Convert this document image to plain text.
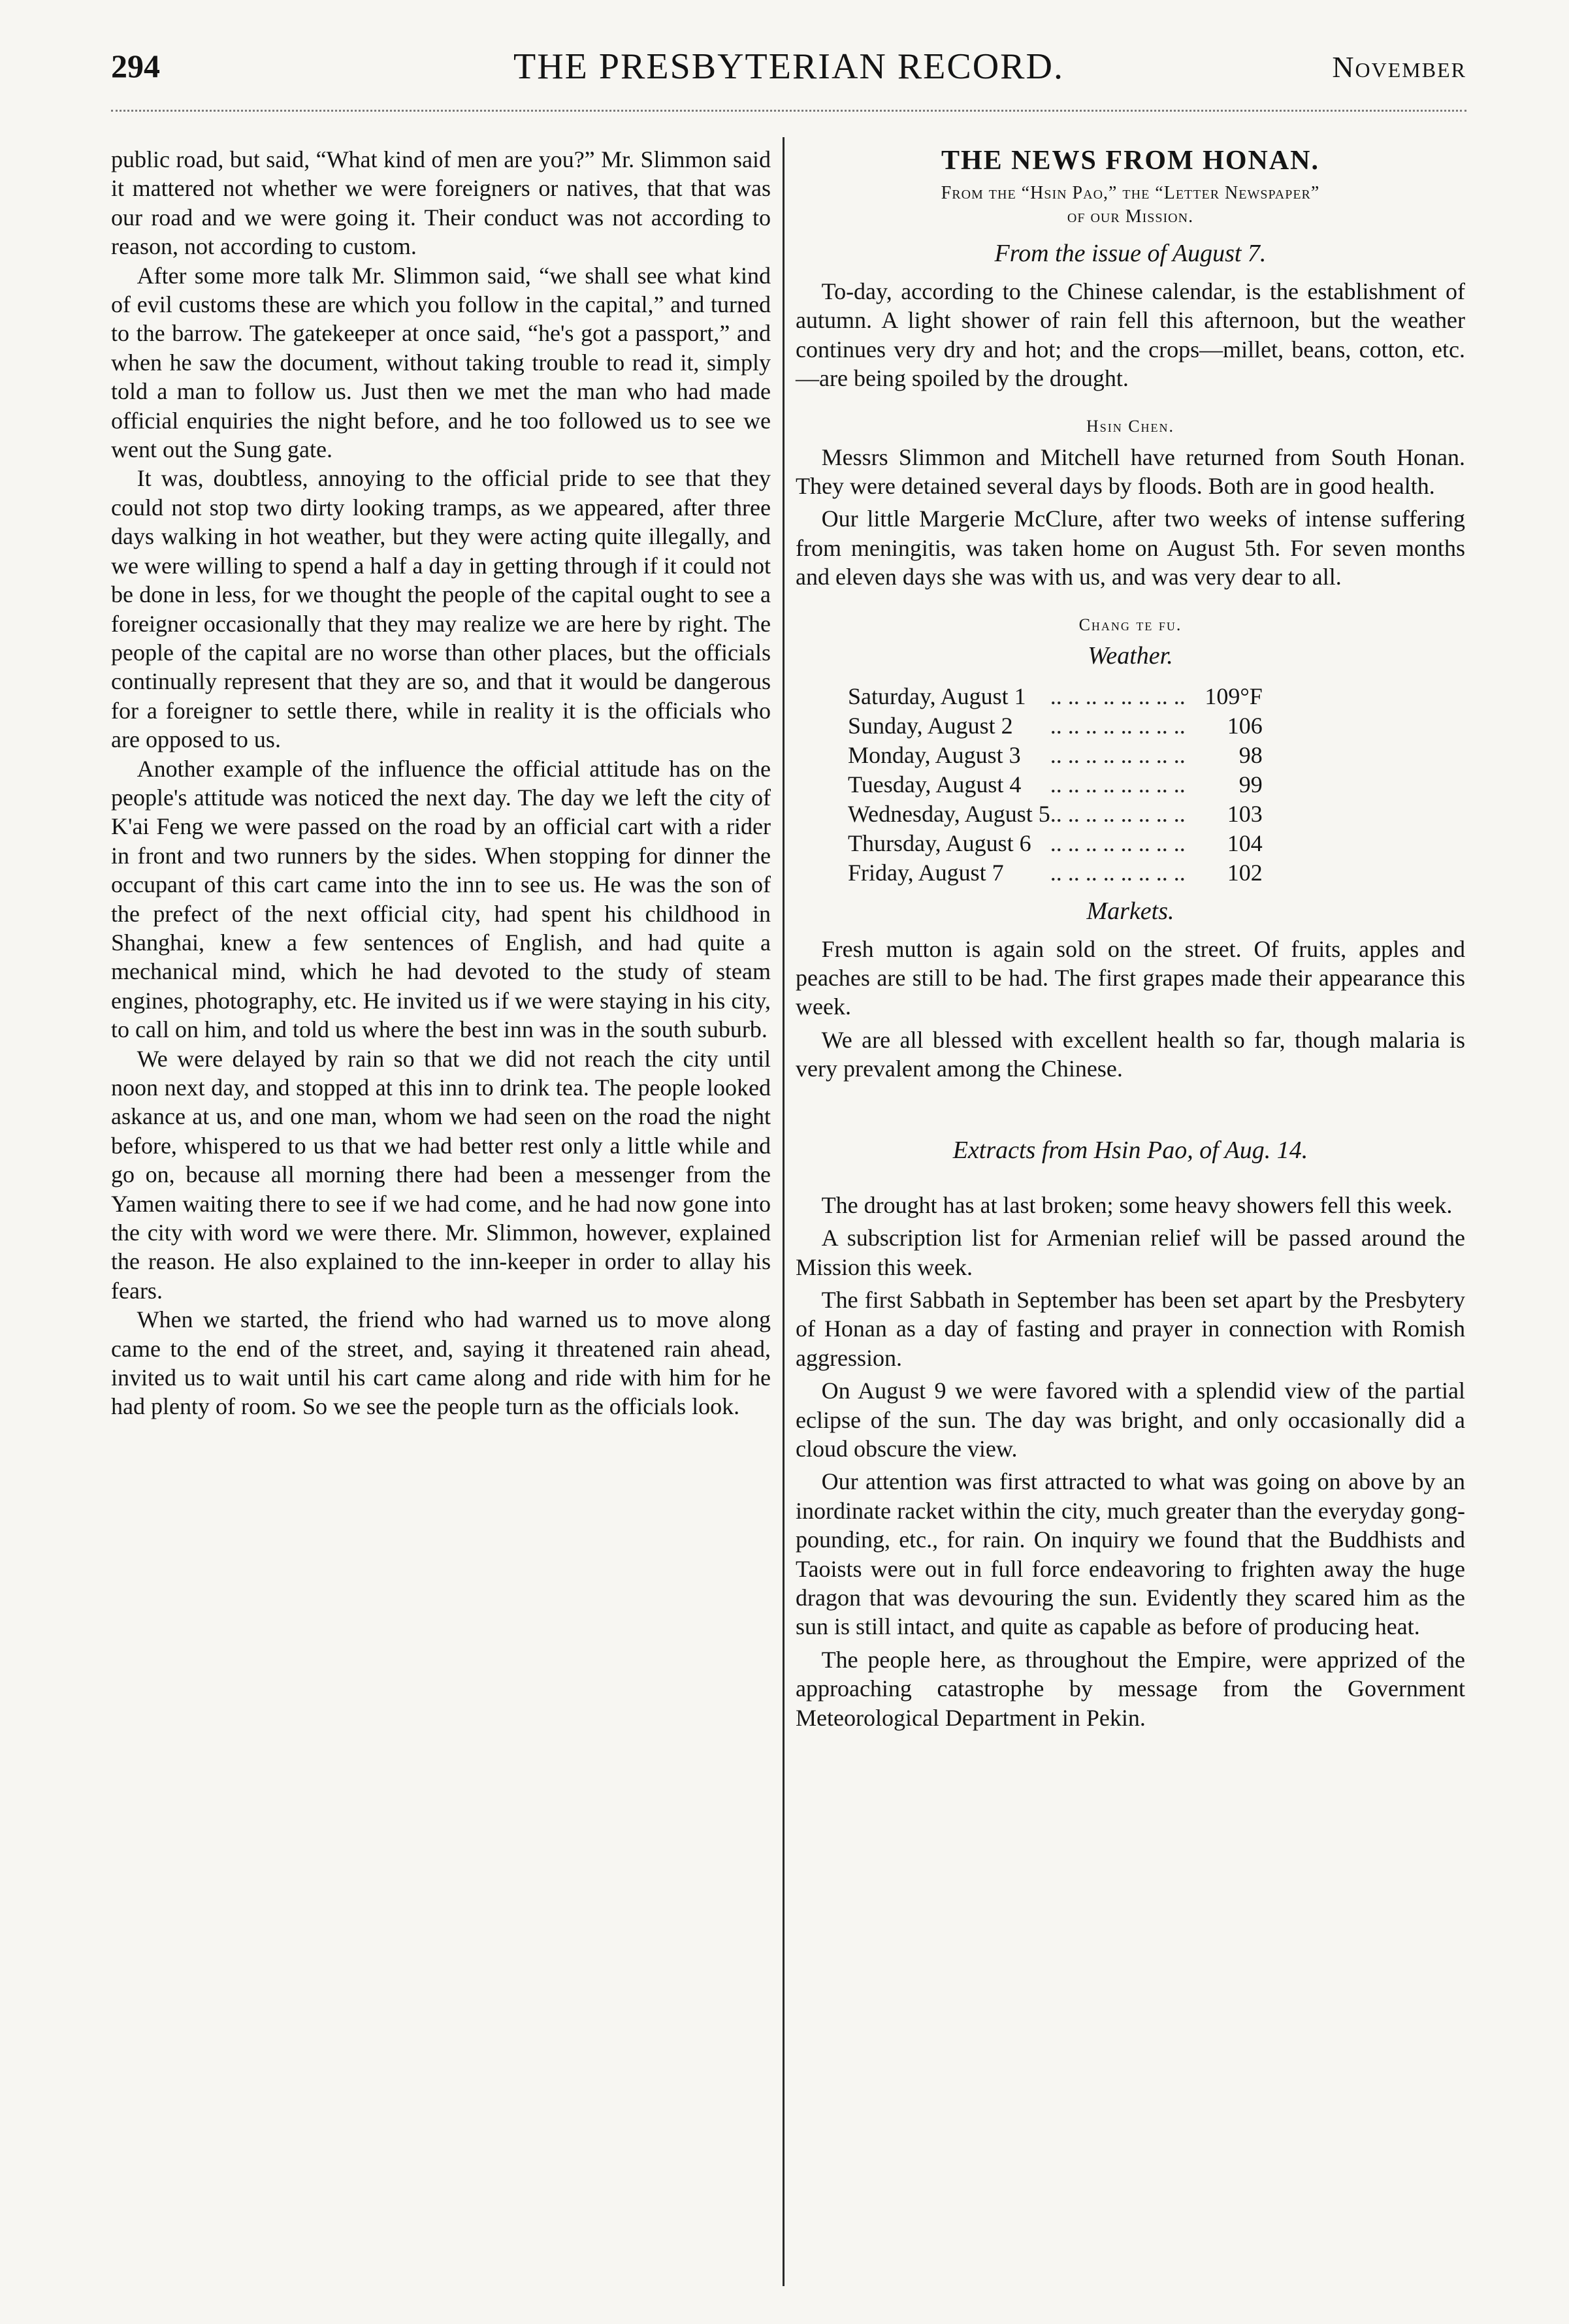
294	THE PRESBYTERIAN RECORD.	November

public road, but said, “What kind of men are you?” Mr. Slimmon said it mattered not whether we were foreigners or natives, that that was our road and we were going it. Their conduct was not according to reason, not according to custom.

After some more talk Mr. Slimmon said, “we shall see what kind of evil customs these are which you follow in the capital,” and turned to the barrow. The gatekeeper at once said, “he's got a passport,” and when he saw the document, without taking trouble to read it, simply told a man to follow us. Just then we met the man who had made official enquiries the night before, and he too followed us to see we went out the Sung gate.

It was, doubtless, annoying to the official pride to see that they could not stop two dirty looking tramps, as we appeared, after three days walking in hot weather, but they were acting quite illegally, and we were willing to spend a half a day in getting through if it could not be done in less, for we thought the people of the capital ought to see a foreigner occasionally that they may realize we are here by right. The people of the capital are no worse than other places, but the officials continually represent that they are so, and that it would be dangerous for a foreigner to settle there, while in reality it is the officials who are opposed to us.

Another example of the influence the official attitude has on the people's attitude was noticed the next day. The day we left the city of K'ai Feng we were passed on the road by an official cart with a rider in front and two runners by the sides. When stopping for dinner the occupant of this cart came into the inn to see us. He was the son of the prefect of the next official city, had spent his childhood in Shanghai, knew a few sentences of English, and had quite a mechanical mind, which he had devoted to the study of steam engines, photography, etc. He invited us if we were staying in his city, to call on him, and told us where the best inn was in the south suburb.

We were delayed by rain so that we did not reach the city until noon next day, and stopped at this inn to drink tea. The people looked askance at us, and one man, whom we had seen on the road the night before, whispered to us that we had better rest only a little while and go on, because all morning there had been a messenger from the Yamen waiting there to see if we had come, and he had now gone into the city with word we were there. Mr. Slimmon, however, explained the reason. He also explained to the inn-keeper in order to allay his fears.

When we started, the friend who had warned us to move along came to the end of the street, and, saying it threatened rain ahead, invited us to wait until his cart came along and ride with him for he had plenty of room. So we see the people turn as the officials look.

THE NEWS FROM HONAN.
From the “Hsin Pao,” the “Letter Newspaper”
of our Mission.
From the issue of August 7.

To-day, according to the Chinese calendar, is the establishment of autumn. A light shower of rain fell this afternoon, but the weather continues very dry and hot; and the crops—millet, beans, cotton, etc.—are being spoiled by the drought.

Hsin Chen.

Messrs Slimmon and Mitchell have returned from South Honan. They were detained several days by floods. Both are in good health.

Our little Margerie McClure, after two weeks of intense suffering from meningitis, was taken home on August 5th. For seven months and eleven days she was with us, and was very dear to all.

Chang te fu.
Weather.
Saturday, August 1	.. .. .. .. .. .. .. ..	109°F
Sunday, August 2	.. .. .. .. .. .. .. ..	106
Monday, August 3	.. .. .. .. .. .. .. ..	98
Tuesday, August 4	.. .. .. .. .. .. .. ..	99
Wednesday, August 5	.. .. .. .. .. .. .. ..	103
Thursday, August 6	.. .. .. .. .. .. .. ..	104
Friday, August 7	.. .. .. .. .. .. .. ..	102
Markets.

Fresh mutton is again sold on the street. Of fruits, apples and peaches are still to be had. The first grapes made their appearance this week.

We are all blessed with excellent health so far, though malaria is very prevalent among the Chinese.

Extracts from Hsin Pao, of Aug. 14.

The drought has at last broken; some heavy showers fell this week.

A subscription list for Armenian relief will be passed around the Mission this week.

The first Sabbath in September has been set apart by the Presbytery of Honan as a day of fasting and prayer in connection with Romish aggression.

On August 9 we were favored with a splendid view of the partial eclipse of the sun. The day was bright, and only occasionally did a cloud obscure the view.

Our attention was first attracted to what was going on above by an inordinate racket within the city, much greater than the everyday gong-pounding, etc., for rain. On inquiry we found that the Buddhists and Taoists were out in full force endeavoring to frighten away the huge dragon that was devouring the sun. Evidently they scared him as the sun is still intact, and quite as capable as before of producing heat.

The people here, as throughout the Empire, were apprized of the approaching catastrophe by message from the Government Meteorological Department in Pekin.
